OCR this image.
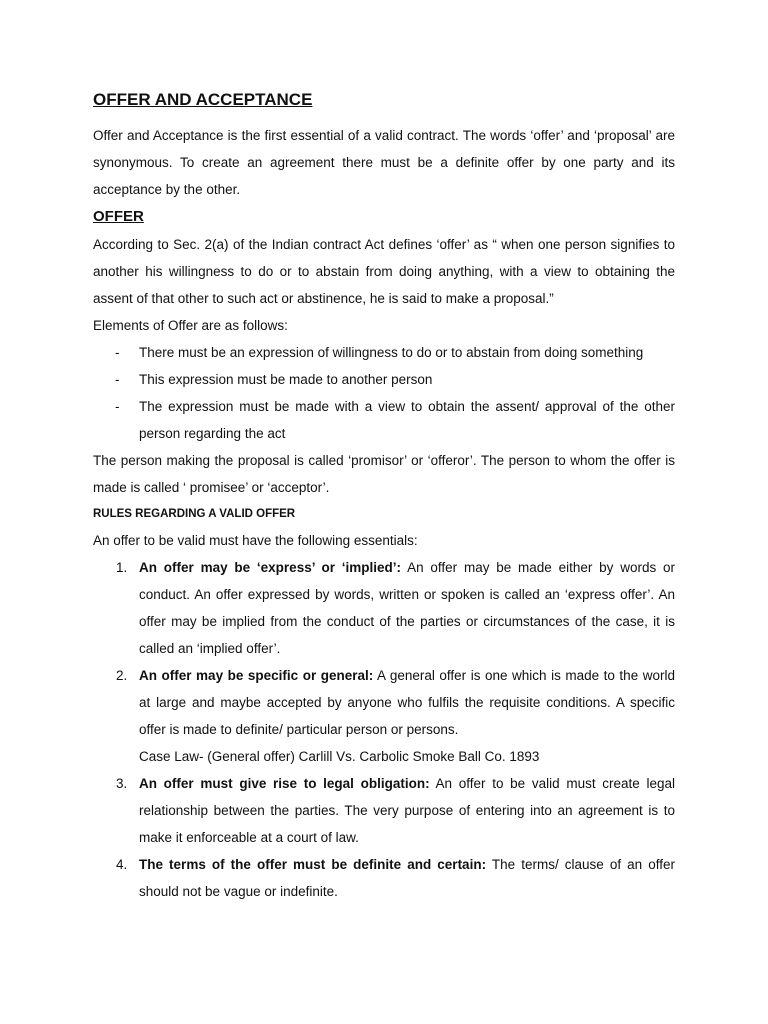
OFFER AND ACCEPTANCE

Offer and Acceptance is the first essential of a valid contract. The words ‘offer’ and ‘proposal’ are synonymous. To create an agreement there must be a definite offer by one party and its acceptance by the other.

OFFER

According to Sec. 2(a) of the Indian contract Act defines ‘offer’ as “ when one person signifies to another his willingness to do or to abstain from doing anything, with a view to obtaining the assent of that other to such act or abstinence, he is said to make a proposal.”

Elements of Offer are as follows:
- There must be an expression of willingness to do or to abstain from doing something
- This expression must be made to another person
- The expression must be made with a view to obtain the assent/ approval of the other person regarding the act

The person making the proposal is called ‘promisor’ or ‘offeror’. The person to whom the offer is made is called ‘ promisee’ or ‘acceptor’.

RULES REGARDING A VALID OFFER
An offer to be valid must have the following essentials:
1. An offer may be ‘express’ or ‘implied’: An offer may be made either by words or conduct. An offer expressed by words, written or spoken is called an ‘express offer’. An offer may be implied from the conduct of the parties or circumstances of the case, it is called an ‘implied offer’.
2. An offer may be specific or general: A general offer is one which is made to the world at large and maybe accepted by anyone who fulfils the requisite conditions. A specific offer is made to definite/ particular person or persons.
Case Law- (General offer) Carlill Vs. Carbolic Smoke Ball Co. 1893
3. An offer must give rise to legal obligation: An offer to be valid must create legal relationship between the parties. The very purpose of entering into an agreement is to make it enforceable at a court of law.
4. The terms of the offer must be definite and certain: The terms/ clause of an offer should not be vague or indefinite.
